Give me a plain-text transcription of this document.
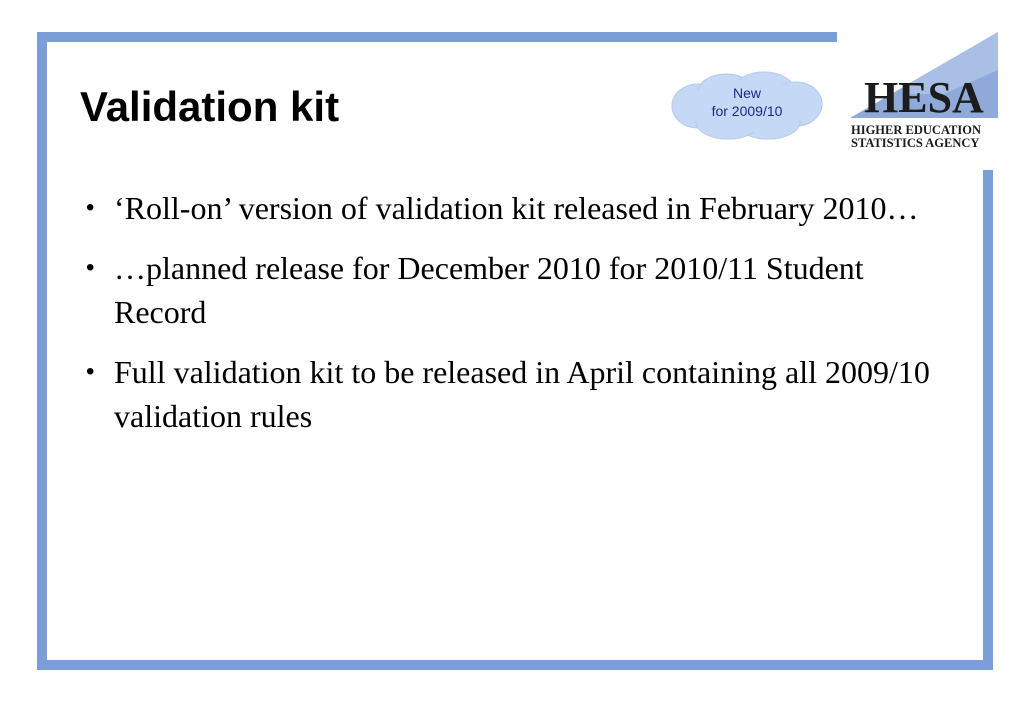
Validation kit	New
for 2009/10	HESA
HIGHER EDUCATION
STATISTICS AGENCY
• ‘Roll-on’ version of validation kit released in February 2010…
• …planned release for December 2010 for 2010/11 Student Record
• Full validation kit to be released in April containing all 2009/10 validation rules
